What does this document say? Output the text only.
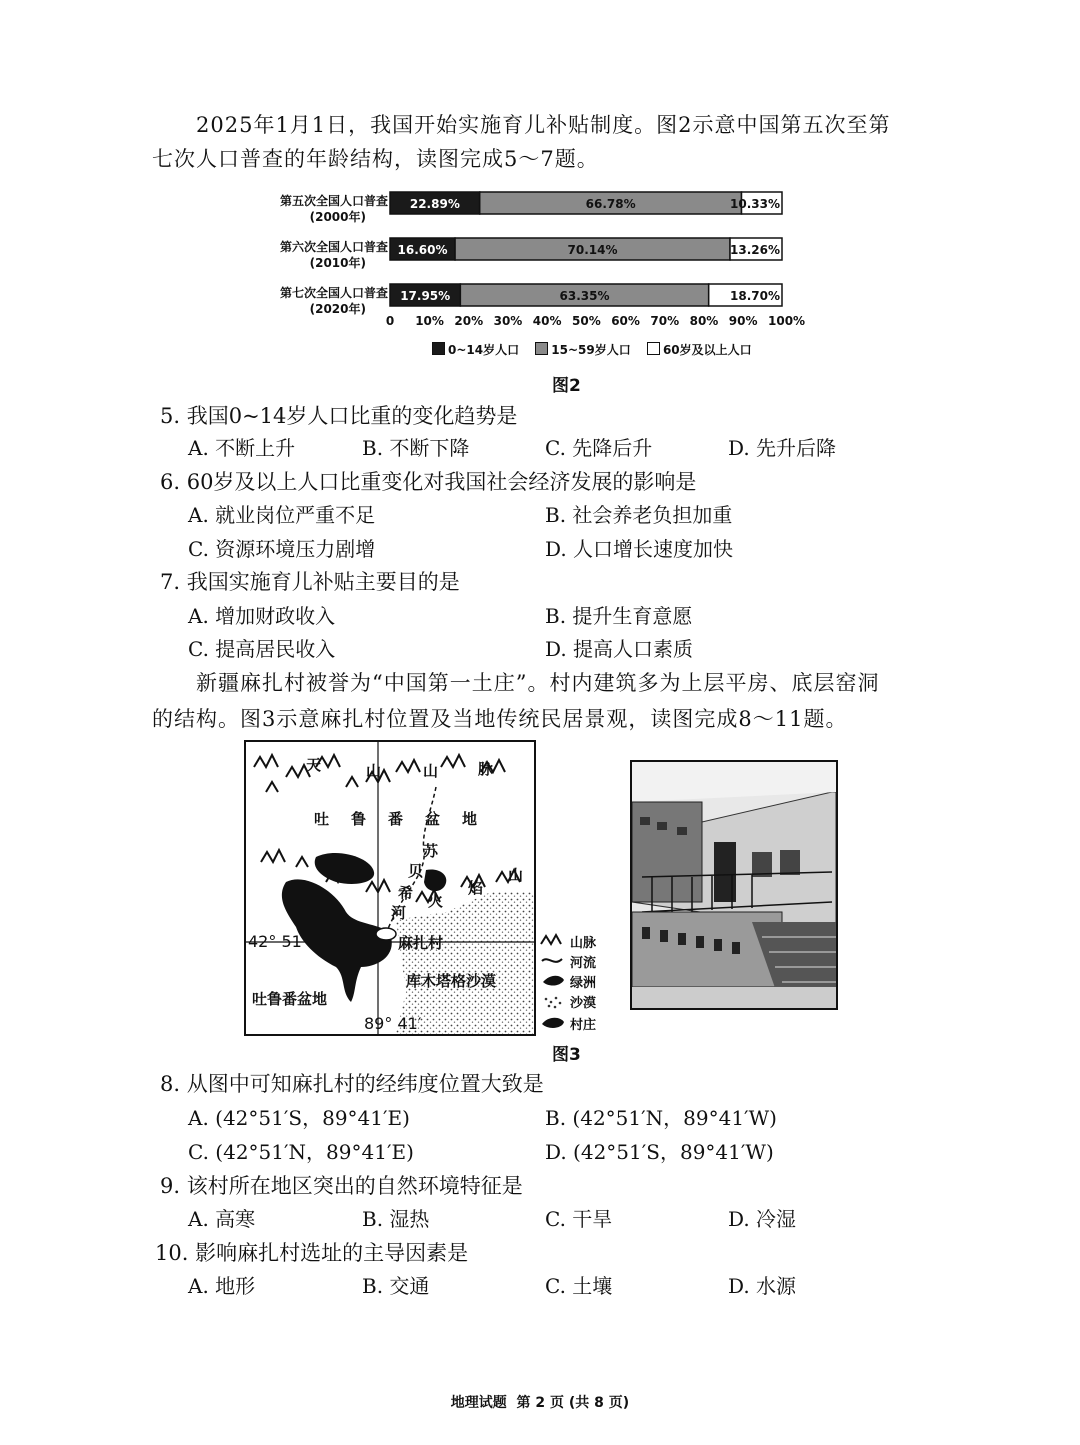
2025年1月1日，我国开始实施育儿补贴制度。图2示意中国第五次至第
七次人口普查的年龄结构，读图完成5～7题。
第五次全国人口普查
(2000年)
第六次全国人口普查
(2010年)
第七次全国人口普查
(2020年)
22.89%	66.78%	10.33%
16.60%	70.14%	13.26%
17.95%	63.35%	18.70%
0	10% 20% 30% 40% 50% 60% 70% 80% 90% 100%
0~14岁人口	15~59岁人口	60岁及以上人口
图2
5. 我国0~14岁人口比重的变化趋势是
A. 不断上升	B. 不断下降	C. 先降后升	D. 先升后降
6. 60岁及以上人口比重变化对我国社会经济发展的影响是
A. 就业岗位严重不足	B. 社会养老负担加重
C. 资源环境压力剧增	D. 人口增长速度加快
7. 我国实施育儿补贴主要目的是
A. 增加财政收入	B. 提升生育意愿
C. 提高居民收入	D. 提高人口素质
新疆麻扎村被誉为“中国第一土庄”。村内建筑多为上层平房、底层窑洞
的结构。图3示意麻扎村位置及当地传统民居景观，读图完成8～11题。
天	山	山	脉
吐鲁番盆地
苏
贝
希
河
火
焰
山
42° 51′	麻扎村
库木塔格沙漠
吐鲁番盆地
89° 41′
山脉
河流
绿洲
沙漠
村庄
图3
8. 从图中可知麻扎村的经纬度位置大致是
A. (42°51′S，89°41′E)	B. (42°51′N，89°41′W)
C. (42°51′N，89°41′E)	D. (42°51′S，89°41′W)
9. 该村所在地区突出的自然环境特征是
A. 高寒	B. 湿热	C. 干旱	D. 冷湿
10. 影响麻扎村选址的主导因素是
A. 地形	B. 交通	C. 土壤	D. 水源
地理试题  第 2 页 (共 8 页)
